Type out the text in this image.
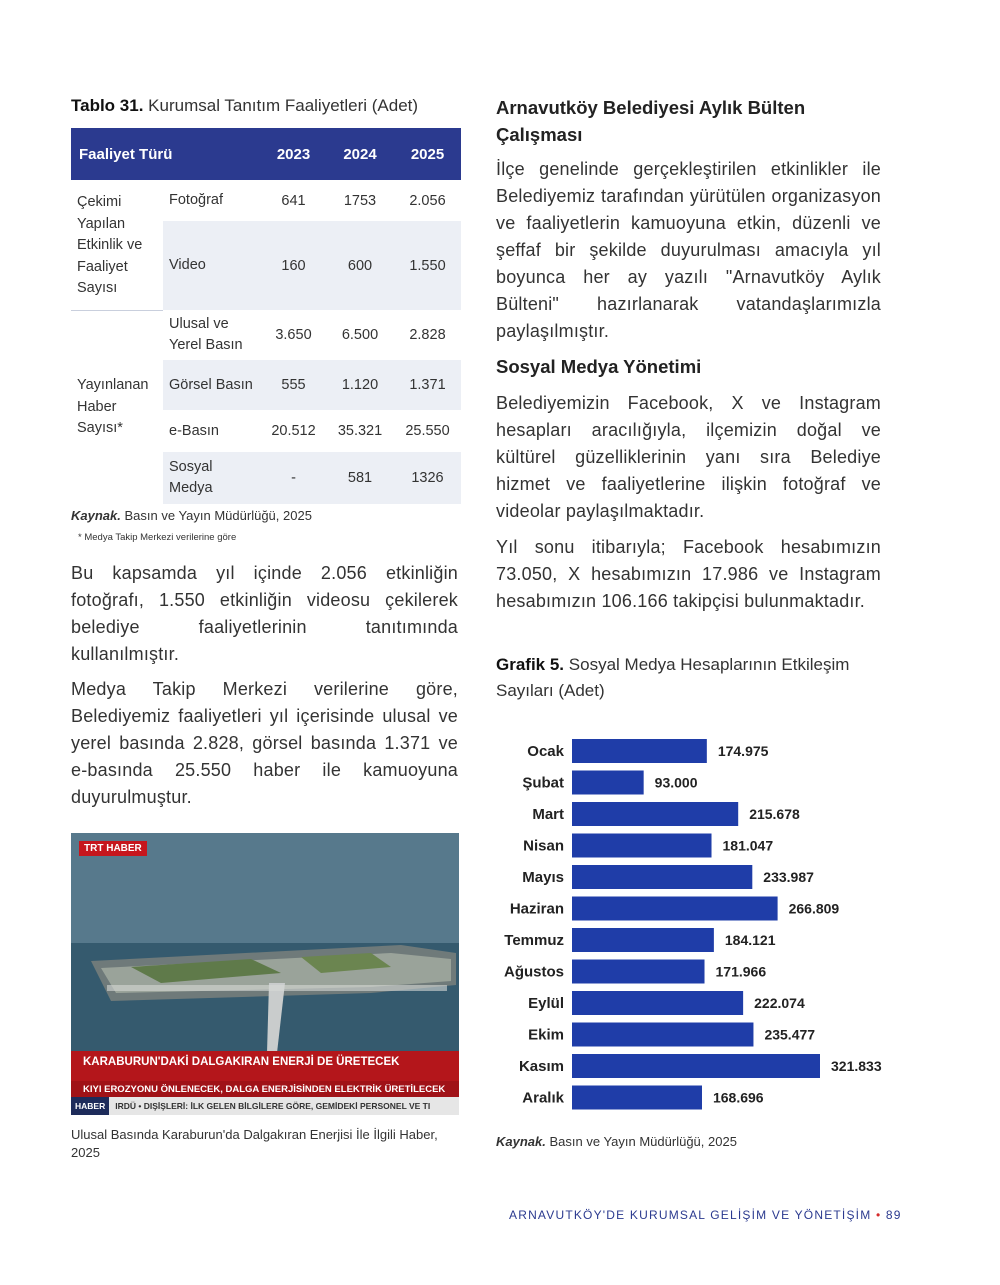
Tablo 31. Kurumsal Tanıtım Faaliyetleri (Adet)
Faaliyet Türü		2023	2024	2025
Çekimi Yapılan Etkinlik ve Faaliyet Sayısı	Fotoğraf	641	1753	2.056
	Video	160	600	1.550
Yayınlanan Haber Sayısı*	Ulusal ve Yerel Basın	3.650	6.500	2.828
	Görsel Basın	555	1.120	1.371
	e-Basın	20.512	35.321	25.550
	Sosyal Medya	-	581	1326
Kaynak. Basın ve Yayın Müdürlüğü, 2025
* Medya Takip Merkezi verilerine göre
Bu kapsamda yıl içinde 2.056 etkinliğin fotoğrafı, 1.550 etkinliğin videosu çekilerek belediye faaliyetlerinin tanıtımında kullanılmıştır.
Medya Takip Merkezi verilerine göre, Belediyemiz faaliyetleri yıl içerisinde ulusal ve yerel basında 2.828, görsel basında 1.371 ve e-basında 25.550 haber ile kamuoyuna duyurulmuştur.
TRT HABER
KARABURUN'DAKİ DALGAKIRAN ENERJİ DE ÜRETECEK
KIYI EROZYONU ÖNLENECEK, DALGA ENERJİSİNDEN ELEKTRİK ÜRETİLECEK
HABER IRDÜ • DIŞİŞLERİ: İLK GELEN BİLGİLERE GÖRE, GEMİDEKİ PERSONEL VE TI
Ulusal Basında Karaburun'da Dalgakıran Enerjisi İle İlgili Haber, 2025
Arnavutköy Belediyesi Aylık Bülten Çalışması
İlçe genelinde gerçekleştirilen etkinlikler ile Belediyemiz tarafından yürütülen organizasyon ve faaliyetlerin kamuoyuna etkin, düzenli ve şeffaf bir şekilde duyurulması amacıyla yıl boyunca her ay yazılı "Arnavutköy Aylık Bülteni" hazırlanarak vatandaşlarımızla paylaşılmıştır.
Sosyal Medya Yönetimi
Belediyemizin Facebook, X ve Instagram hesapları aracılığıyla, ilçemizin doğal ve kültürel güzelliklerinin yanı sıra Belediye hizmet ve faaliyetlerine ilişkin fotoğraf ve videolar paylaşılmaktadır.
Yıl sonu itibarıyla; Facebook hesabımızın 73.050, X hesabımızın 17.986 ve Instagram hesabımızın 106.166 takipçisi bulunmaktadır.
Grafik 5. Sosyal Medya Hesaplarının Etkileşim Sayıları (Adet)
Ocak	174.975
Şubat	93.000
Mart	215.678
Nisan	181.047
Mayıs	233.987
Haziran	266.809
Temmuz	184.121
Ağustos	171.966
Eylül	222.074
Ekim	235.477
Kasım	321.833
Aralık	168.696
Kaynak. Basın ve Yayın Müdürlüğü, 2025
ARNAVUTKÖY'DE KURUMSAL GELİŞİM VE YÖNETİŞİM • 89
